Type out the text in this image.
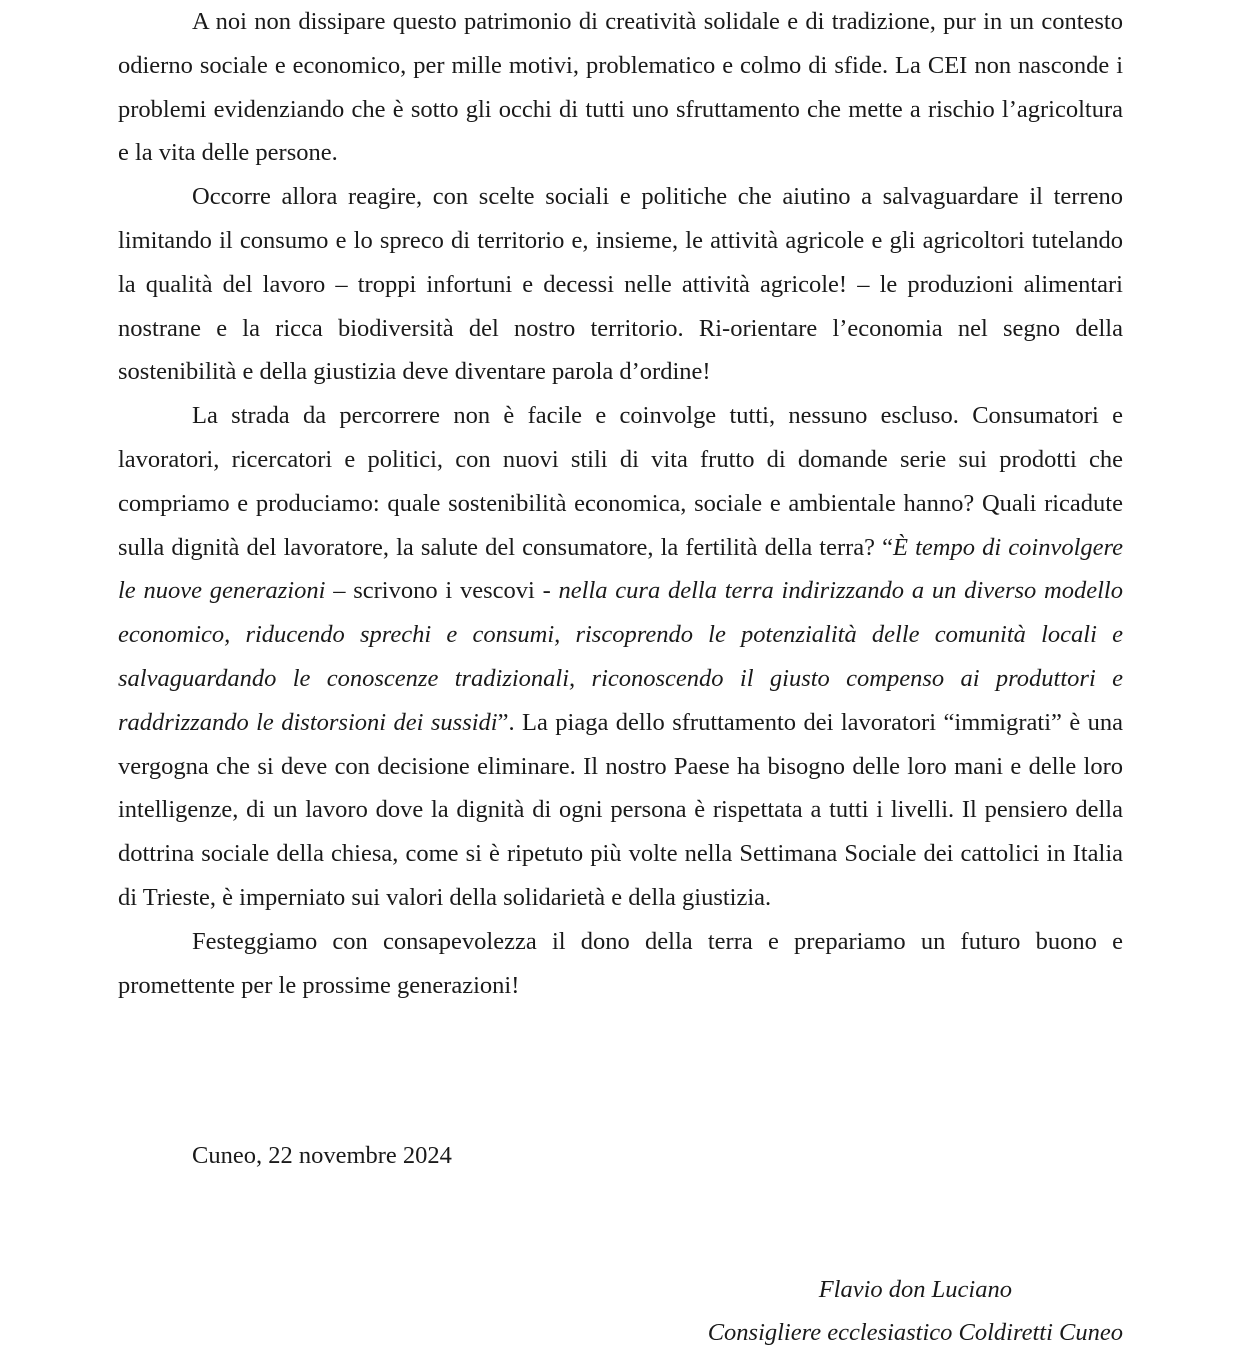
A noi non dissipare questo patrimonio di creatività solidale e di tradizione, pur in un contesto odierno sociale e economico, per mille motivi, problematico e colmo di sfide. La CEI non nasconde i problemi evidenziando che è sotto gli occhi di tutti uno sfruttamento che mette a rischio l’agricoltura e la vita delle persone.

Occorre allora reagire, con scelte sociali e politiche che aiutino a salvaguardare il terreno limitando il consumo e lo spreco di territorio e, insieme, le attività agricole e gli agricoltori tutelando la qualità del lavoro – troppi infortuni e decessi nelle attività agricole! – le produzioni alimentari nostrane e la ricca biodiversità del nostro territorio. Ri-orientare l’economia nel segno della sostenibilità e della giustizia deve diventare parola d’ordine!

La strada da percorrere non è facile e coinvolge tutti, nessuno escluso. Consumatori e lavoratori, ricercatori e politici, con nuovi stili di vita frutto di domande serie sui prodotti che compriamo e produciamo: quale sostenibilità economica, sociale e ambientale hanno? Quali ricadute sulla dignità del lavoratore, la salute del consumatore, la fertilità della terra? “È tempo di coinvolgere le nuove generazioni – scrivono i vescovi - nella cura della terra indirizzando a un diverso modello economico, riducendo sprechi e consumi, riscoprendo le potenzialità delle comunità locali e salvaguardando le conoscenze tradizionali, riconoscendo il giusto compenso ai produttori e raddrizzando le distorsioni dei sussidi”. La piaga dello sfruttamento dei lavoratori “immigrati” è una vergogna che si deve con decisione eliminare. Il nostro Paese ha bisogno delle loro mani e delle loro intelligenze, di un lavoro dove la dignità di ogni persona è rispettata a tutti i livelli. Il pensiero della dottrina sociale della chiesa, come si è ripetuto più volte nella Settimana Sociale dei cattolici in Italia di Trieste, è imperniato sui valori della solidarietà e della giustizia.

Festeggiamo con consapevolezza il dono della terra e prepariamo un futuro buono e promettente per le prossime generazioni!

Cuneo, 22 novembre 2024

Flavio don Luciano
Consigliere ecclesiastico Coldiretti Cuneo
